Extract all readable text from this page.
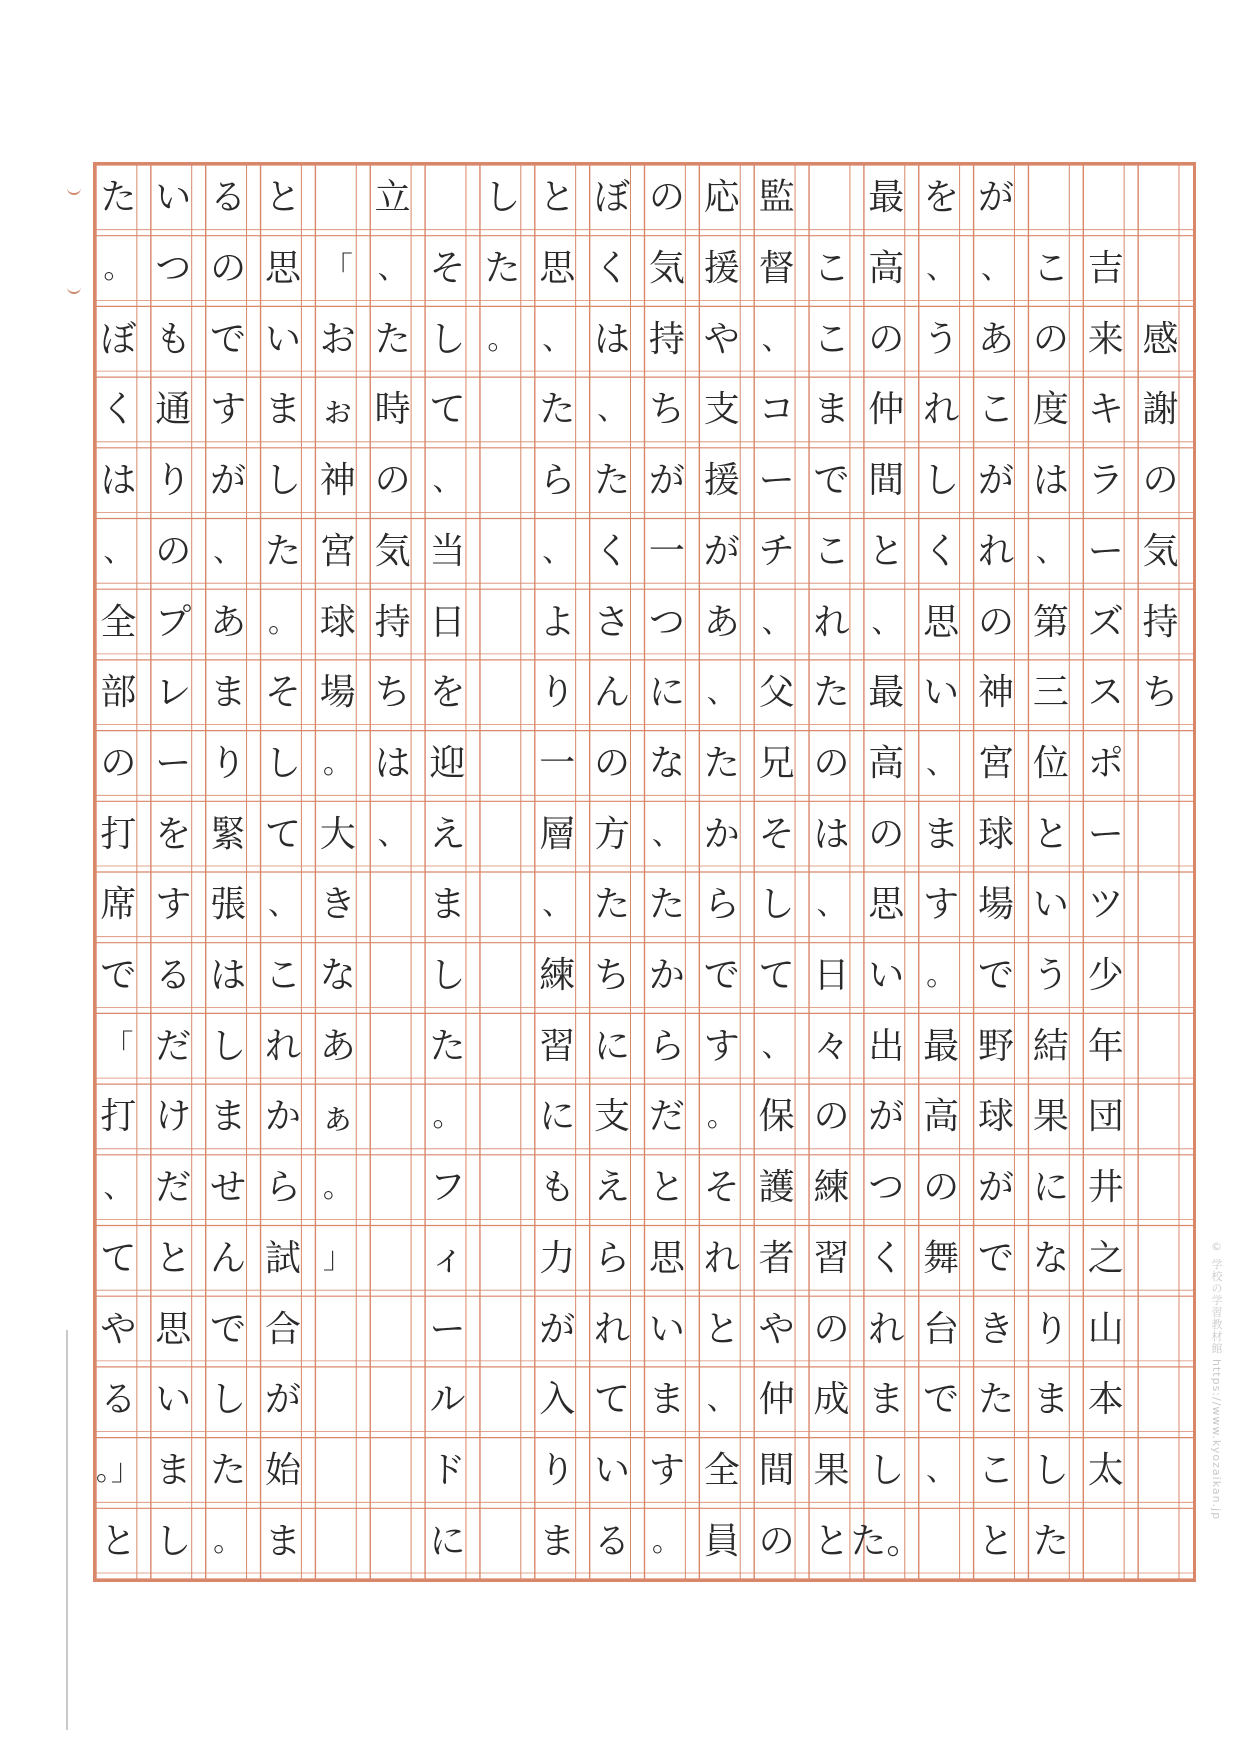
感
謝
の
気
持
ち
吉
来
キ
ラ
ー
ズ
ス
ポ
ー
ツ
少
年
団
井
之
山
本
太
こ
の
度
は
、
第
三
位
と
い
う
結
果
に
な
り
ま
し
た
が
、
あ
こ
が
れ
の
神
宮
球
場
で
野
球
が
で
き
た
こ
と
を
、
う
れ
し
く
思
い
、
ま
す
。
最
高
の
舞
台
で
、
最
高
の
仲
間
と
、
最
高
の
思
い
出
が
つ
く
れ
ま
し
た。
こ
こ
ま
で
こ
れ
た
の
は
、
日
々
の
練
習
の
成
果
と
監
督
、
コ
ー
チ
、
父
兄
そ
し
て
、
保
護
者
や
仲
間
の
応
援
や
支
援
が
あ
、
た
か
ら
で
す
。
そ
れ
と
、
全
員
の
気
持
ち
が
一
つ
に
な
、
た
か
ら
だ
と
思
い
ま
す
。
ぼ
く
は
、
た
く
さ
ん
の
方
た
ち
に
支
え
ら
れ
て
い
る
と
思
、
た
ら
、
よ
り
一
層
、
練
習
に
も
力
が
入
り
ま
し
た
。
そ
し
て
、
当
日
を
迎
え
ま
し
た
。
フ
ィ
ー
ル
ド
に
立
、
た
時
の
気
持
ち
は
、
「
お
ぉ
神
宮
球
場
。
大
き
な
あ
ぁ
。
」
と
思
い
ま
し
た
。
そ
し
て
、
こ
れ
か
ら
試
合
が
始
ま
る
の
で
す
が
、
あ
ま
り
緊
張
は
し
ま
せ
ん
で
し
た
。
い
つ
も
通
り
の
プ
レ
ー
を
す
る
だ
け
だ
と
思
い
ま
し
た
。
ぼ
く
は
、
全
部
の
打
席
で
「
打
、
て
や
る
。」
と
© 学校の学習教材館 https://www.kyozaikan.jp
